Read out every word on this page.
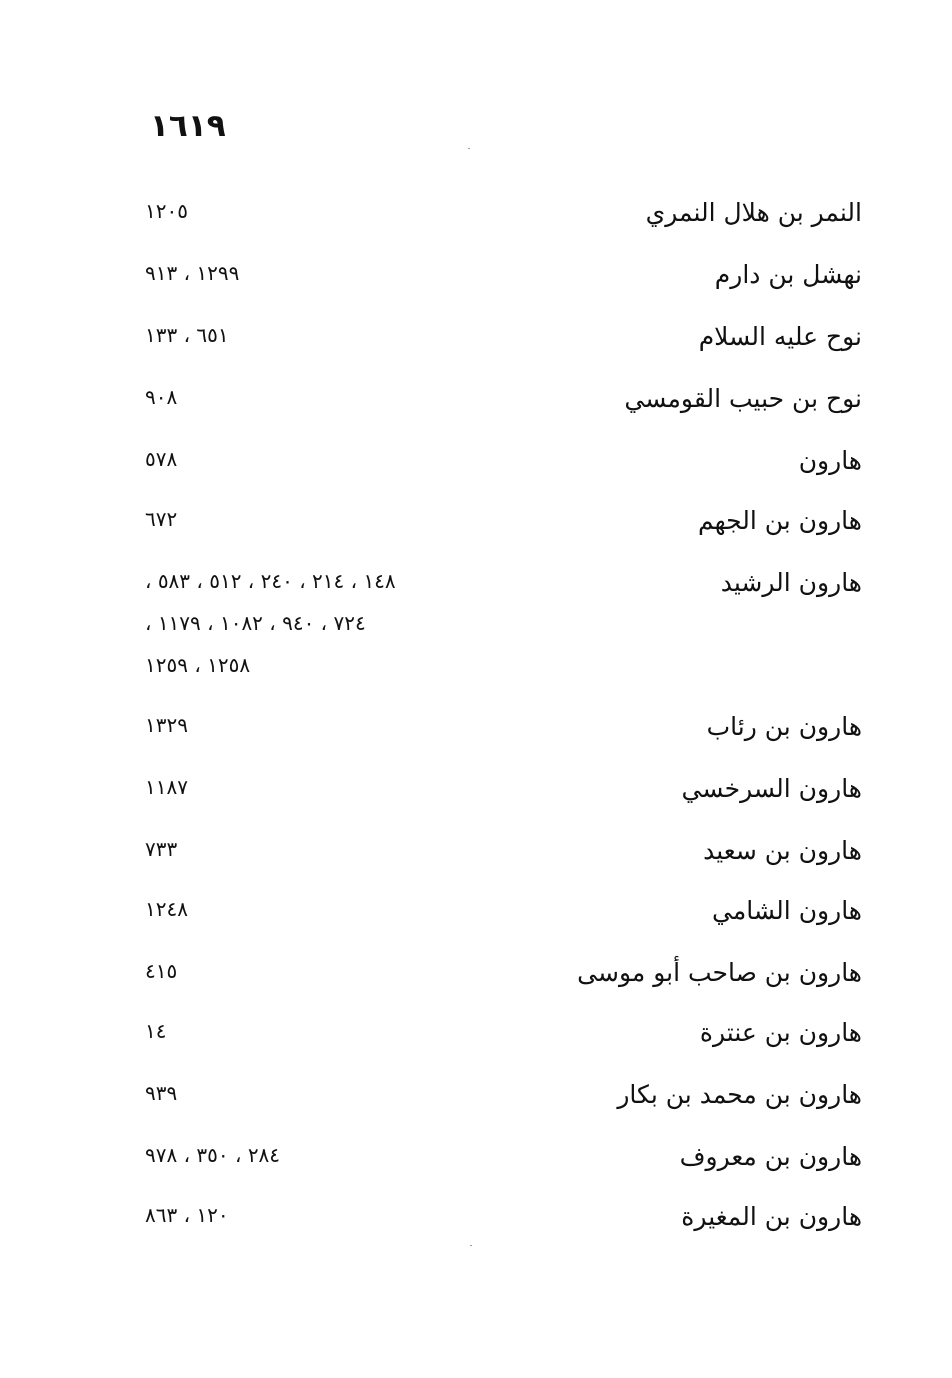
١٦١٩
النمر بن هلال النمري
١٢٠٥
نهشل بن دارم
١٢٩٩ ، ٩١٣
نوح عليه السلام
٦٥١ ، ١٣٣
نوح بن حبيب القومسي
٩٠٨
هارون
٥٧٨
هارون بن الجهم
٦٧٢
هارون الرشيد
١٤٨ ، ٢١٤ ، ٢٤٠ ، ٥١٢ ، ٥٨٣ ،
٧٢٤ ، ٩٤٠ ، ١٠٨٢ ، ١١٧٩ ،
١٢٥٨ ، ١٢٥٩
هارون بن رئاب
١٣٢٩
هارون السرخسي
١١٨٧
هارون بن سعيد
٧٣٣
هارون الشامي
١٢٤٨
هارون بن صاحب أبو موسى
٤١٥
هارون بن عنترة
١٤
هارون بن محمد بن بكار
٩٣٩
هارون بن معروف
٢٨٤ ، ٣٥٠ ، ٩٧٨
هارون بن المغيرة
١٢٠ ، ٨٦٣
